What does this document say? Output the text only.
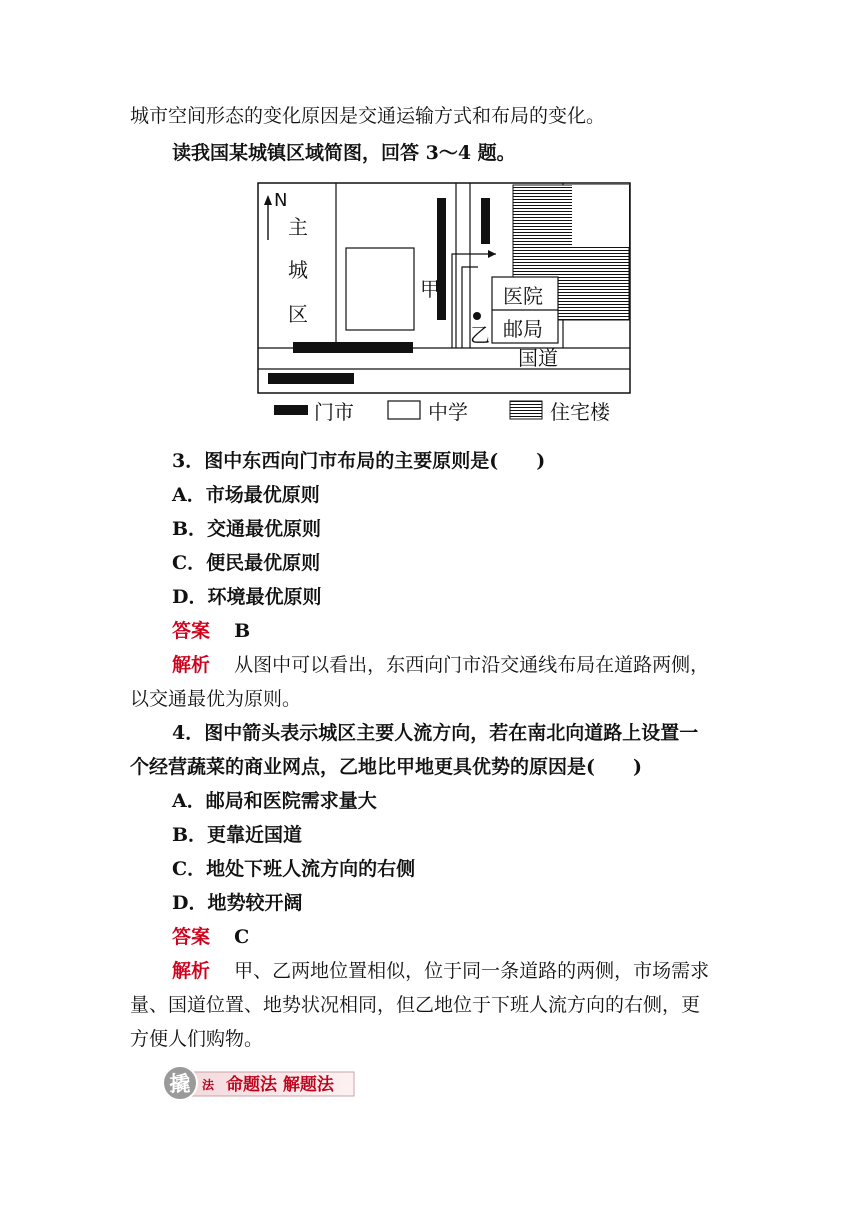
城市空间形态的变化原因是交通运输方式和布局的变化。
读我国某城镇区域简图，回答 3～4 题。
N
主
城
区
甲
乙
医院
邮局
国道
门市	中学	住宅楼
3．图中东西向门市布局的主要原则是(　　)
A．市场最优原则
B．交通最优原则
C．便民最优原则
D．环境最优原则
答案 B
解析 从图中可以看出，东西向门市沿交通线布局在道路两侧，
以交通最优为原则。
4．图中箭头表示城区主要人流方向，若在南北向道路上设置一
个经营蔬菜的商业网点，乙地比甲地更具优势的原因是(　　)
A．邮局和医院需求量大
B．更靠近国道
C．地处下班人流方向的右侧
D．地势较开阔
答案 C
解析 甲、乙两地位置相似，位于同一条道路的两侧，市场需求
量、国道位置、地势状况相同，但乙地位于下班人流方向的右侧，更
方便人们购物。
撬 法 命题法 解题法
